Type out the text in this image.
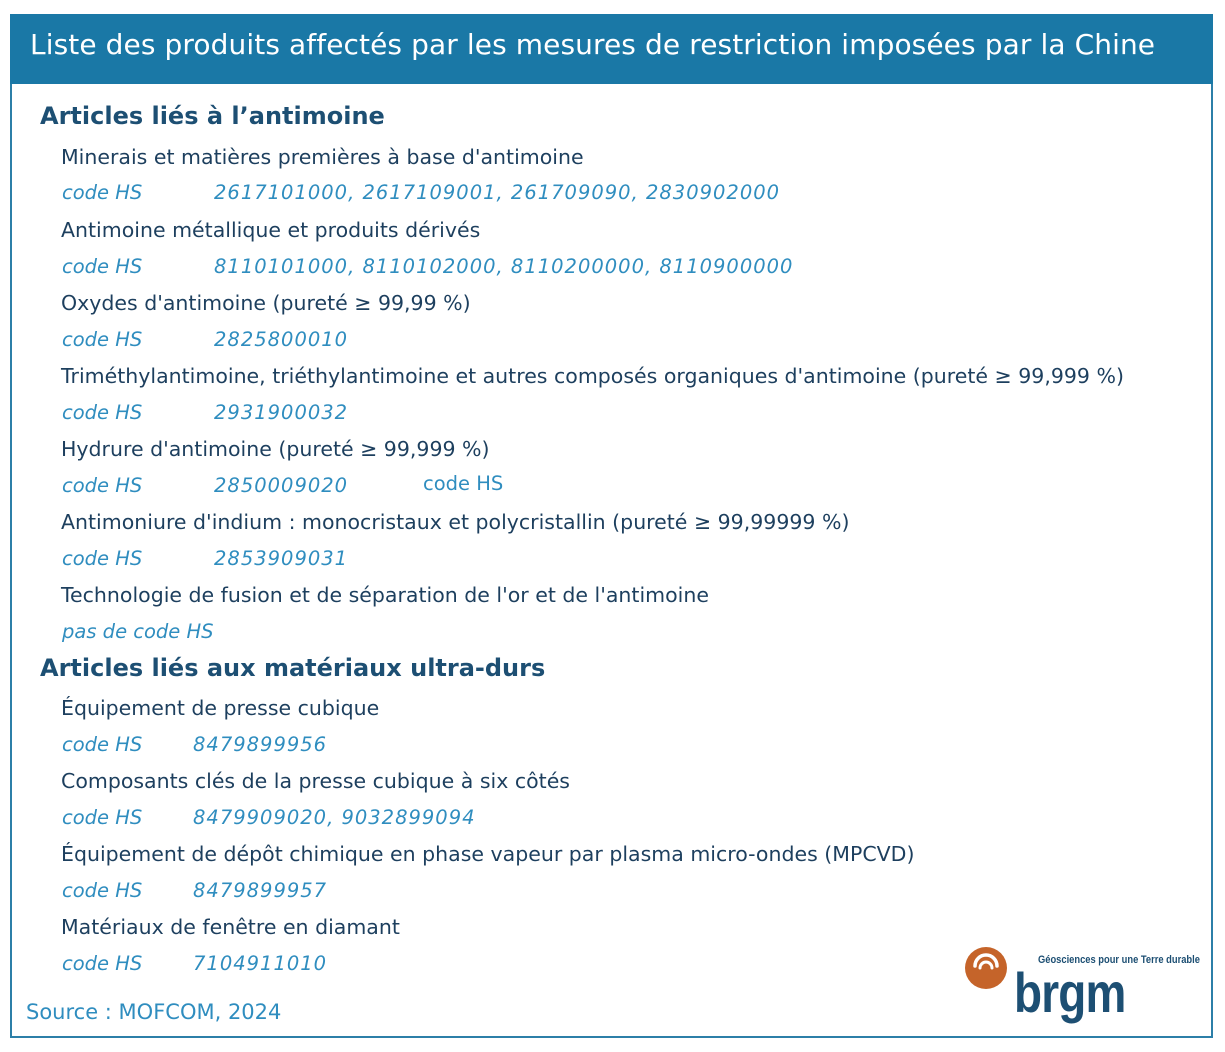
Liste des produits affectés par les mesures de restriction imposées par la Chine
Articles liés à l’antimoine
Minerais et matières premières à base d'antimoine
code HS	2617101000, 2617109001, 261709090, 2830902000
Antimoine métallique et produits dérivés
code HS	8110101000, 8110102000, 8110200000, 8110900000
Oxydes d'antimoine (pureté ≥ 99,99 %)
code HS	2825800010
Triméthylantimoine, triéthylantimoine et autres composés organiques d'antimoine (pureté ≥ 99,999 %)
code HS	2931900032
Hydrure d'antimoine (pureté ≥ 99,999 %)
code HS	2850009020	code HS
Antimoniure d'indium : monocristaux et polycristallin (pureté ≥ 99,99999 %)
code HS	2853909031
Technologie de fusion et de séparation de l'or et de l'antimoine
pas de code HS
Articles liés aux matériaux ultra-durs
Équipement de presse cubique
code HS	8479899956
Composants clés de la presse cubique à six côtés
code HS	8479909020, 9032899094
Équipement de dépôt chimique en phase vapeur par plasma micro-ondes (MPCVD)
code HS	8479899957
Matériaux de fenêtre en diamant
code HS	7104911010
Source : MOFCOM, 2024
Géosciences pour une Terre durable
brgm
